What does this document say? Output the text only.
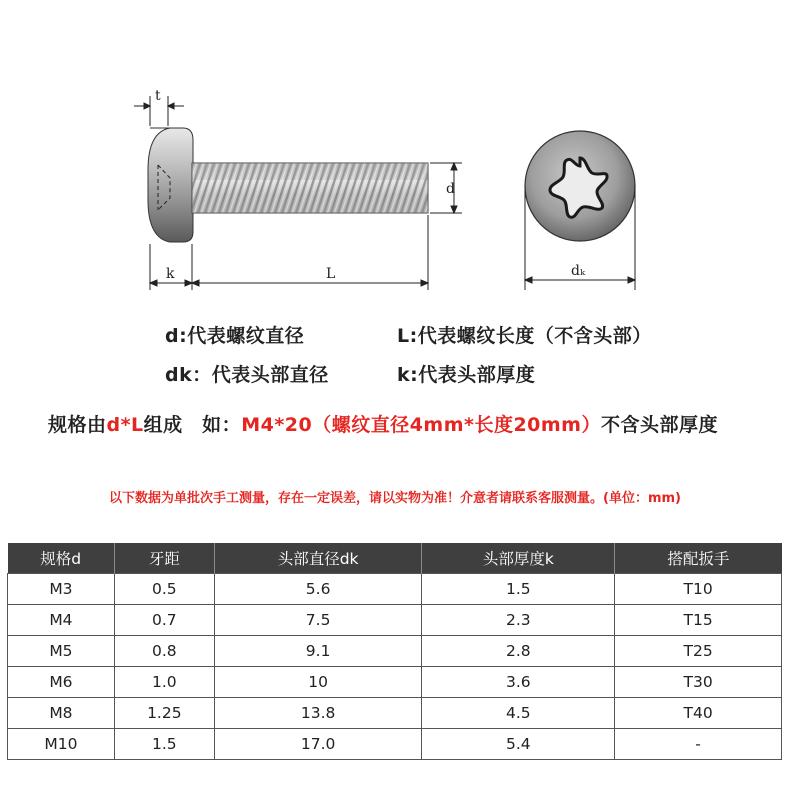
t
d
k	L	dₖ
d:代表螺纹直径	L:代表螺纹长度（不含头部）
dk：代表头部直径	k:代表头部厚度
规格由d*L组成　如：M4*20（螺纹直径4mm*长度20mm）不含头部厚度
以下数据为单批次手工测量，存在一定误差，请以实物为准！介意者请联系客服测量。(单位：mm)
规格d	牙距	头部直径dk	头部厚度k	搭配扳手
M3	0.5	5.6	1.5	T10
M4	0.7	7.5	2.3	T15
M5	0.8	9.1	2.8	T25
M6	1.0	10	3.6	T30
M8	1.25	13.8	4.5	T40
M10	1.5	17.0	5.4	-
